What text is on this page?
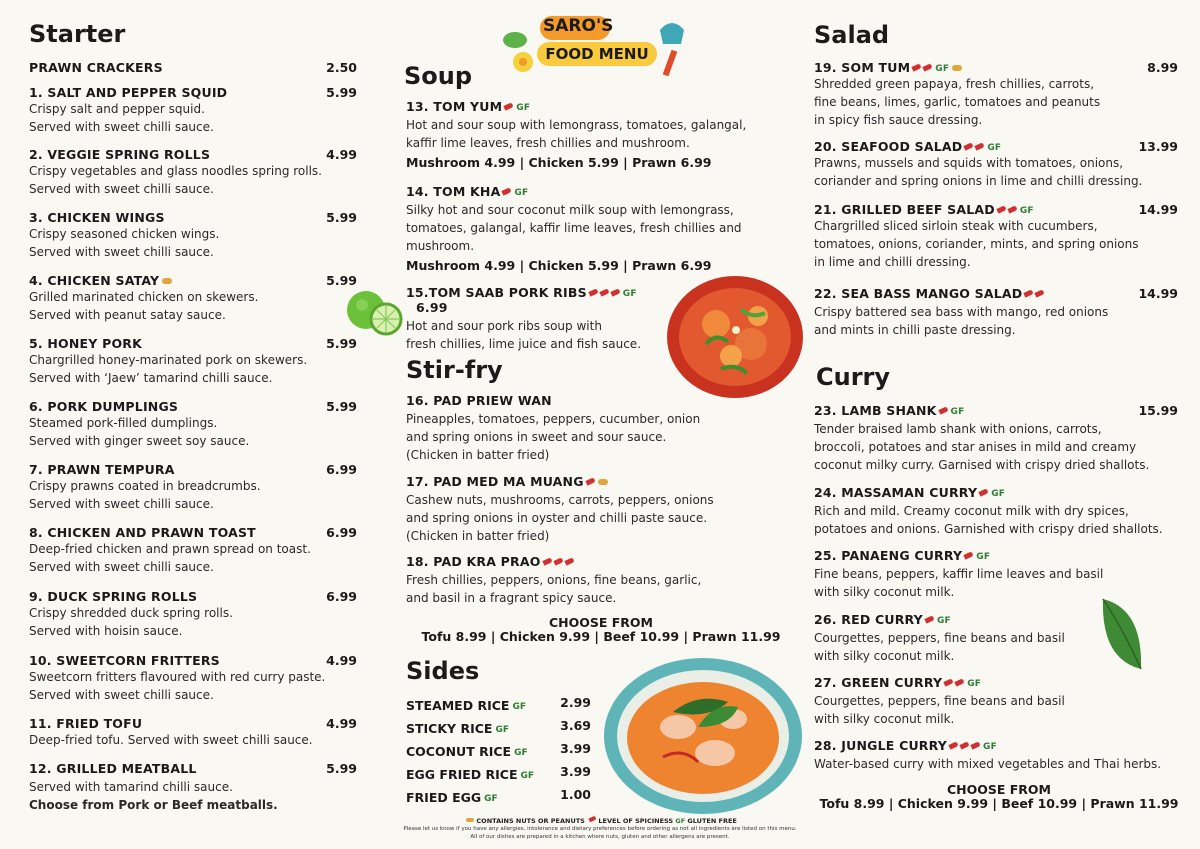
Starter
PRAWN CRACKERS	2.50
1. SALT AND PEPPER SQUID	5.99
Crispy salt and pepper squid.
Served with sweet chilli sauce.
2. VEGGIE SPRING ROLLS	4.99
Crispy vegetables and glass noodles spring rolls.
Served with sweet chilli sauce.
3. CHICKEN WINGS	5.99
Crispy seasoned chicken wings.
Served with sweet chilli sauce.
4. CHICKEN SATAY	5.99
Grilled marinated chicken on skewers.
Served with peanut satay sauce.
5. HONEY PORK	5.99
Chargrilled honey-marinated pork on skewers.
Served with ‘Jaew’ tamarind chilli sauce.
6. PORK DUMPLINGS	5.99
Steamed pork-filled dumplings.
Served with ginger sweet soy sauce.
7. PRAWN TEMPURA	6.99
Crispy prawns coated in breadcrumbs.
Served with sweet chilli sauce.
8. CHICKEN AND PRAWN TOAST	6.99
Deep-fried chicken and prawn spread on toast.
Served with sweet chilli sauce.
9. DUCK SPRING ROLLS	6.99
Crispy shredded duck spring rolls.
Served with hoisin sauce.
10. SWEETCORN FRITTERS	4.99
Sweetcorn fritters flavoured with red curry paste.
Served with sweet chilli sauce.
11. FRIED TOFU	4.99
Deep-fried tofu. Served with sweet chilli sauce.
12. GRILLED MEATBALL	5.99
Served with tamarind chilli sauce.
Choose from Pork or Beef meatballs.
SARO'S
FOOD MENU
Soup
13. TOM YUM GF
Hot and sour soup with lemongrass, tomatoes, galangal,
kaffir lime leaves, fresh chillies and mushroom.
Mushroom 4.99 | Chicken 5.99 | Prawn 6.99
14. TOM KHA GF
Silky hot and sour coconut milk soup with lemongrass,
tomatoes, galangal, kaffir lime leaves, fresh chillies and
mushroom.
Mushroom 4.99 | Chicken 5.99 | Prawn 6.99
15.TOM SAAB PORK RIBS	GF6.99
Hot and sour pork ribs soup with
fresh chillies, lime juice and fish sauce.
Stir-fry
16. PAD PRIEW WAN
Pineapples, tomatoes, peppers, cucumber, onion
and spring onions in sweet and sour sauce.
(Chicken in batter fried)
17. PAD MED MA MUANG
Cashew nuts, mushrooms, carrots, peppers, onions
and spring onions in oyster and chilli paste sauce.
(Chicken in batter fried)
18. PAD KRA PRAO
Fresh chillies, peppers, onions, fine beans, garlic,
and basil in a fragrant spicy sauce.
CHOOSE FROM
Tofu 8.99 | Chicken 9.99 | Beef 10.99 | Prawn 11.99
Sides
STEAMED RICE GF	2.99
STICKY RICE GF	3.69
COCONUT RICE GF	3.99
EGG FRIED RICE GF 3.99
FRIED EGG GF	1.00
Salad
19. SOM TUM	GF	8.99
Shredded green papaya, fresh chillies, carrots,
fine beans, limes, garlic, tomatoes and peanuts
in spicy fish sauce dressing.
20. SEAFOOD SALAD	GF	13.99
Prawns, mussels and squids with tomatoes, onions,
coriander and spring onions in lime and chilli dressing.
21. GRILLED BEEF SALAD	GF	14.99
Chargrilled sliced sirloin steak with cucumbers,
tomatoes, onions, coriander, mints, and spring onions
in lime and chilli dressing.
22. SEA BASS MANGO SALAD	14.99
Crispy battered sea bass with mango, red onions
and mints in chilli paste dressing.
Curry
23. LAMB SHANK GF	15.99
Tender braised lamb shank with onions, carrots,
broccoli, potatoes and star anises in mild and creamy
coconut milky curry. Garnised with crispy dried shallots.
24. MASSAMAN CURRY GF
Rich and mild. Creamy coconut milk with dry spices,
potatoes and onions. Garnished with crispy dried shallots.
25. PANAENG CURRY GF
Fine beans, peppers, kaffir lime leaves and basil
with silky coconut milk.
26. RED CURRY GF
Courgettes, peppers, fine beans and basil
with silky coconut milk.
27. GREEN CURRY	GF
Courgettes, peppers, fine beans and basil
with silky coconut milk.
28. JUNGLE CURRY	GF
Water-based curry with mixed vegetables and Thai herbs.
CHOOSE FROM
Tofu 8.99 | Chicken 9.99 | Beef 10.99 | Prawn 11.99
CONTAINS NUTS OR PEANUTS LEVEL OF SPICINESS GF GLUTEN FREE
Please let us know if you have any allergies, intolerance and dietary preferences before ordering as not all ingredients are listed on this menu.
All of our dishes are prepared in a kitchen where nuts, gluten and other allergens are present.
